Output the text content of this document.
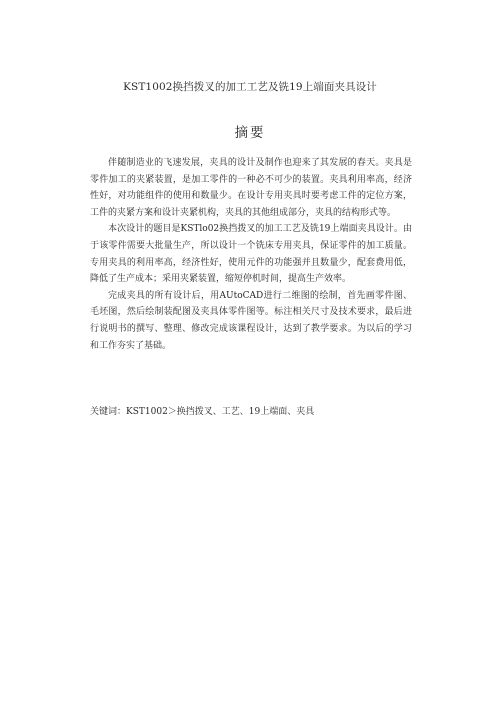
KST1002换挡拨叉的加工工艺及铣19上端面夹具设计
摘要

伴随制造业的飞速发展，夹具的设计及制作也迎来了其发展的春天。夹具是零件加工的夹紧装置，是加工零件的一种必不可少的装置。夹具利用率高，经济性好，对功能组件的使用和数量少。在设计专用夹具时要考虑工件的定位方案，工件的夹紧方案和设计夹紧机构，夹具的其他组成部分，夹具的结构形式等。

本次设计的题目是KSTlo02换挡拨叉的加工工艺及铣19上端面夹具设计。由于该零件需要大批量生产，所以设计一个铣床专用夹具，保证零件的加工质量。专用夹具的利用率高，经济性好，使用元件的功能强并且数量少，配套费用低，降低了生产成本；采用夹紧装置，缩短停机时间，提高生产效率。

完成夹具的所有设计后，用AUtoCAD进行二维图的绘制，首先画零件图、毛坯图，然后绘制装配图及夹具体零件图等。标注相关尺寸及技术要求，最后进行说明书的撰写、整理、修改完成该课程设计，达到了教学要求。为以后的学习和工作夯实了基础。

关键词：KST1002＞换挡拨叉、工艺、19上端面、夹具
